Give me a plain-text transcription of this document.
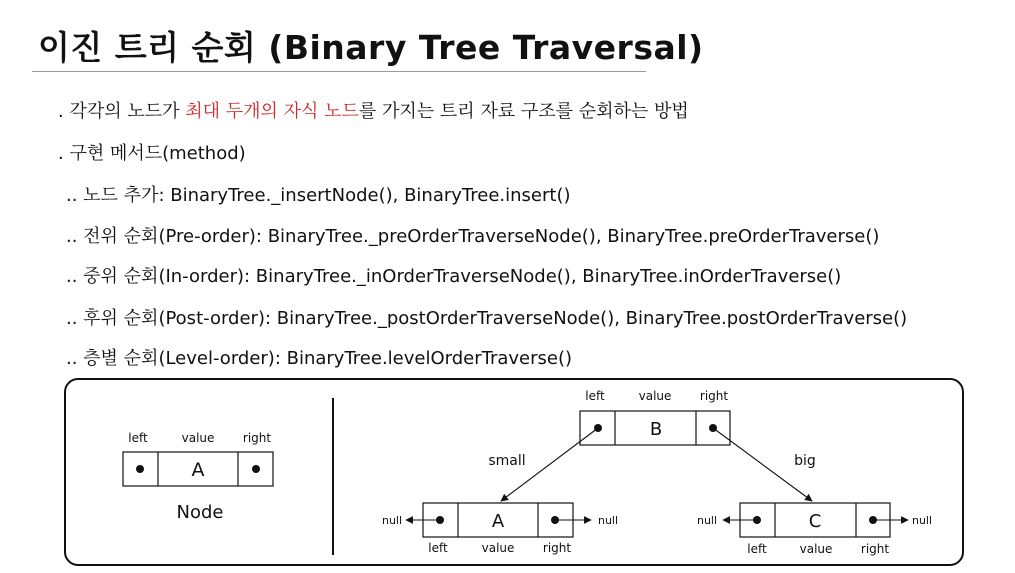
이진 트리 순회 (Binary Tree Traversal)
. 각각의 노드가 최대 두개의 자식 노드를 가지는 트리 자료 구조를 순회하는 방법
. 구현 메서드(method)
.. 노드 추가: BinaryTree._insertNode(), BinaryTree.insert()
.. 전위 순회(Pre-order): BinaryTree._preOrderTraverseNode(), BinaryTree.preOrderTraverse()
.. 중위 순회(In-order): BinaryTree._inOrderTraverseNode(), BinaryTree.inOrderTraverse()
.. 후위 순회(Post-order): BinaryTree._postOrderTraverseNode(), BinaryTree.postOrderTraverse()
.. 층별 순회(Level-order): BinaryTree.levelOrderTraverse()
left	value right
A
Node
left	value right
B
small	big
A
null	null
left	value right
C
null	null
left	value right
